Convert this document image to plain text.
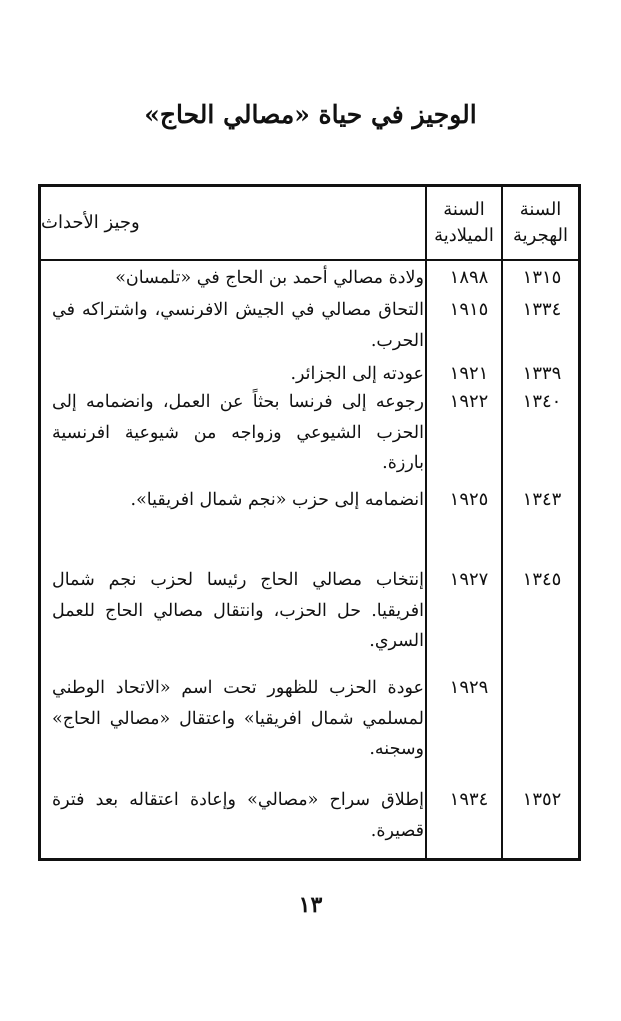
الوجيز في حياة «مصالي الحاج»
السنة
الهجرية
السنة
الميلادية
وجيز الأحداث
١٣١٥
١٨٩٨
ولادة مصالي أحمد بن الحاج في «تلمسان»
١٣٣٤
١٩١٥
التحاق مصالي في الجيش الافرنسي، واشتراكه في الحرب.
١٣٣٩
١٩٢١
عودته إلى الجزائر.
١٣٤٠
١٩٢٢
رجوعه إلى فرنسا بحثاً عن العمل، وانضمامه إلى الحزب الشيوعي وزواجه من شيوعية افرنسية بارزة.
١٣٤٣
١٩٢٥
انضمامه إلى حزب «نجم شمال افريقيا».
١٣٤٥
١٩٢٧
إنتخاب مصالي الحاج رئيسا لحزب نجم شمال افريقيا. حل الحزب، وانتقال مصالي الحاج للعمل السري.
١٩٢٩
عودة الحزب للظهور تحت اسم «الاتحاد الوطني لمسلمي شمال افريقيا» واعتقال «مصالي الحاج» وسجنه.
١٣٥٢
١٩٣٤
إطلاق سراح «مصالي» وإعادة اعتقاله بعد فترة قصيرة.
١٣
